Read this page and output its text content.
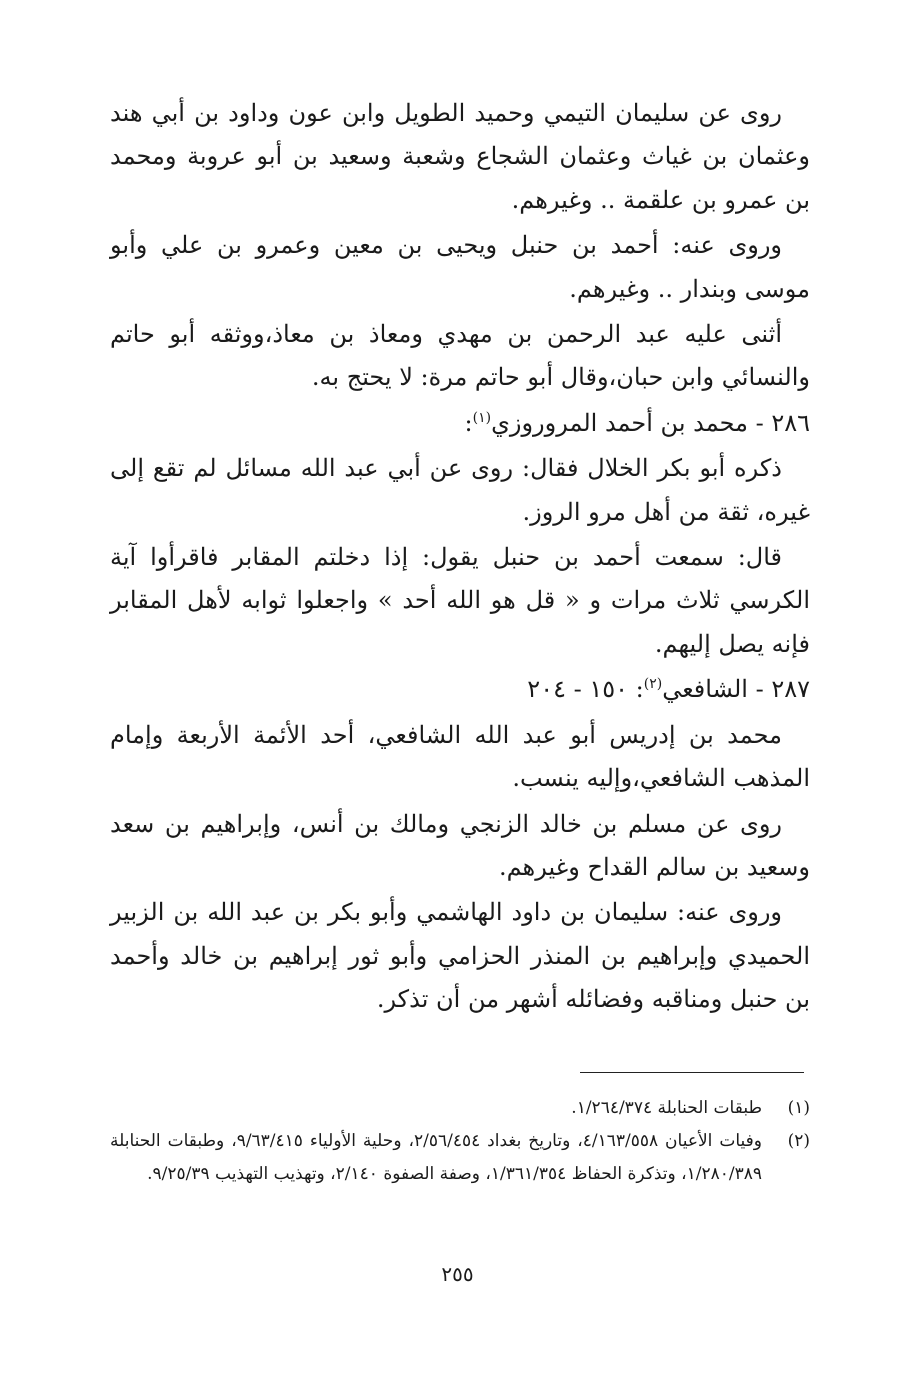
روى عن سليمان التيمي وحميد الطويل وابن عون وداود بن أبي هند وعثمان بن غياث وعثمان الشجاع وشعبة وسعيد بن أبو عروبة ومحمد بن عمرو بن علقمة .. وغيرهم.

وروى عنه: أحمد بن حنبل ويحيى بن معين وعمرو بن علي وأبو موسى وبندار .. وغيرهم.

أثنى عليه عبد الرحمن بن مهدي ومعاذ بن معاذ،ووثقه أبو حاتم والنسائي وابن حبان،وقال أبو حاتم مرة: لا يحتج به.

٢٨٦ - محمد بن أحمد المروروزي$^{(١)}$:

ذكره أبو بكر الخلال فقال: روى عن أبي عبد الله مسائل لم تقع إلى غيره، ثقة من أهل مرو الروز.

قال: سمعت أحمد بن حنبل يقول: إذا دخلتم المقابر فاقرأوا آية الكرسي ثلاث مرات و « قل هو الله أحد » واجعلوا ثوابه لأهل المقابر فإنه يصل إليهم.

٢٨٧ - الشافعي$^{(٢)}$: ١٥٠ - ٢٠٤

محمد بن إدريس أبو عبد الله الشافعي، أحد الأئمة الأربعة وإمام المذهب الشافعي،وإليه ينسب.

روى عن مسلم بن خالد الزنجي ومالك بن أنس، وإبراهيم بن سعد وسعيد بن سالم القداح وغيرهم.

وروى عنه: سليمان بن داود الهاشمي وأبو بكر بن عبد الله بن الزبير الحميدي وإبراهيم بن المنذر الحزامي وأبو ثور إبراهيم بن خالد وأحمد بن حنبل ومناقبه وفضائله أشهر من أن تذكر.

(١)
طبقات الحنابلة ١/٢٦٤/٣٧٤.
(٢)
وفيات الأعيان ٤/١٦٣/٥٥٨، وتاريخ بغداد ٢/٥٦/٤٥٤، وحلية الأولياء ٩/٦٣/٤١٥، وطبقات الحنابلة ١/٢٨٠/٣٨٩، وتذكرة الحفاظ ١/٣٦١/٣٥٤، وصفة الصفوة ٢/١٤٠، وتهذيب التهذيب ٩/٢٥/٣٩.
٢٥٥
